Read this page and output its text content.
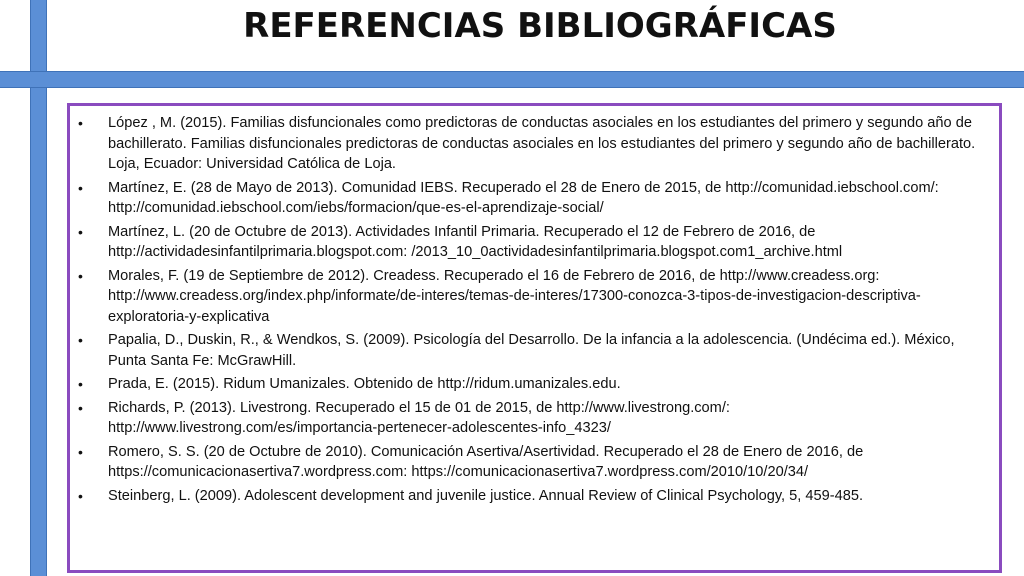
REFERENCIAS BIBLIOGRÁFICAS
• López , M. (2015). Familias disfuncionales como predictoras de conductas asociales en los estudiantes del primero y segundo año de bachillerato. Familias disfuncionales predictoras de conductas asociales en los estudiantes del primero y segundo año de bachillerato. Loja, Ecuador: Universidad Católica de Loja.
• Martínez, E. (28 de Mayo de 2013). Comunidad IEBS. Recuperado el 28 de Enero de 2015, de http://comunidad.iebschool.com/: http://comunidad.iebschool.com/iebs/formacion/que-es-el-aprendizaje-social/
• Martínez, L. (20 de Octubre de 2013). Actividades Infantil Primaria. Recuperado el 12 de Febrero de 2016, de http://actividadesinfantilprimaria.blogspot.com: /2013_10_0actividadesinfantilprimaria.blogspot.com1_archive.html
• Morales, F. (19 de Septiembre de 2012). Creadess. Recuperado el 16 de Febrero de 2016, de http://www.creadess.org: http://www.creadess.org/index.php/informate/de-interes/temas-de-interes/17300-conozca-3-tipos-de-investigacion-descriptiva-exploratoria-y-explicativa
• Papalia, D., Duskin, R., & Wendkos, S. (2009). Psicología del Desarrollo. De la infancia a la adolescencia. (Undécima ed.). México, Punta Santa Fe: McGrawHill.
• Prada, E. (2015). Ridum Umanizales. Obtenido de http://ridum.umanizales.edu.
• Richards, P. (2013). Livestrong. Recuperado el 15 de 01 de 2015, de http://www.livestrong.com/: http://www.livestrong.com/es/importancia-pertenecer-adolescentes-info_4323/
• Romero, S. S. (20 de Octubre de 2010). Comunicación Asertiva/Asertividad. Recuperado el 28 de Enero de 2016, de https://comunicacionasertiva7.wordpress.com: https://comunicacionasertiva7.wordpress.com/2010/10/20/34/
• Steinberg, L. (2009). Adolescent development and juvenile justice. Annual Review of Clinical Psychology, 5, 459-485.
